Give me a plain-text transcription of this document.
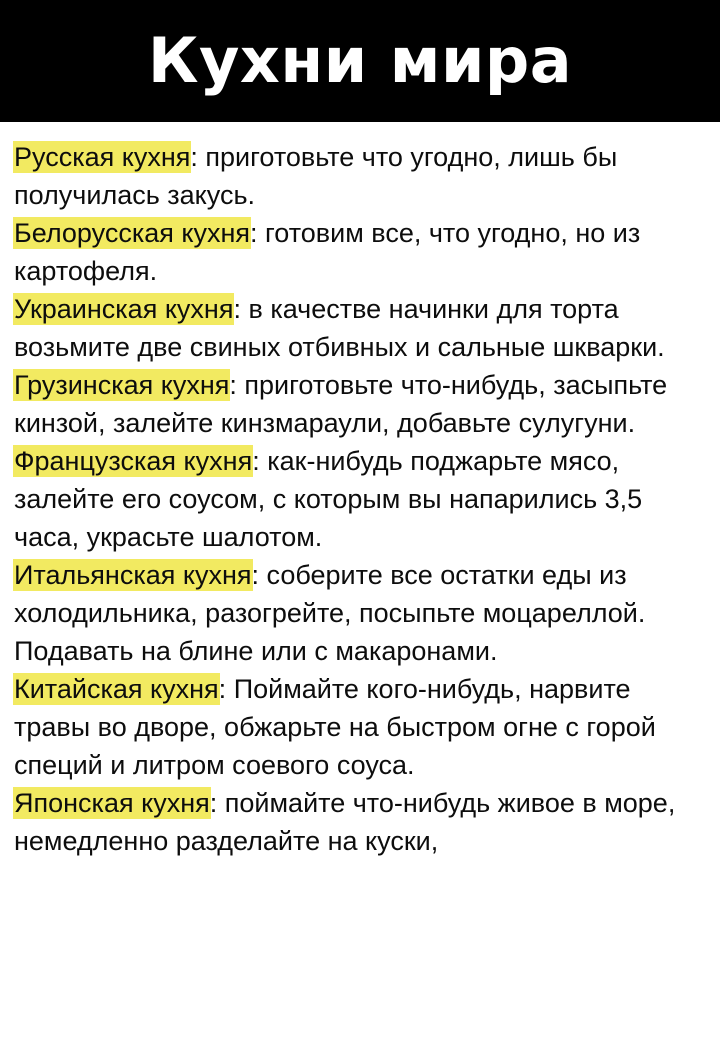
Кухни мира

Русская кухня: приготовьте что угодно, лишь бы получилась закусь.

Белорусская кухня: готовим все, что угодно, но из картофеля.

Украинская кухня: в качестве начинки для торта возьмите две свиных отбивных и сальные шкварки.

Грузинская кухня: приготовьте что-нибудь, засыпьте кинзой, залейте кинзмараули, добавьте сулугуни.

Французская кухня: как-нибудь поджарьте мясо, залейте его соусом, с которым вы напарились 3,5 часа, украсьте шалотом.

Итальянская кухня: соберите все остатки еды из холодильника, разогрейте, посыпьте моцареллой. Подавать на блине или с макаронами.

Китайская кухня: Поймайте кого-нибудь, нарвите травы во дворе, обжарьте на быстром огне с горой специй и литром соевого соуса.

Японская кухня: поймайте что-нибудь живое в море, немедленно разделайте на куски,
